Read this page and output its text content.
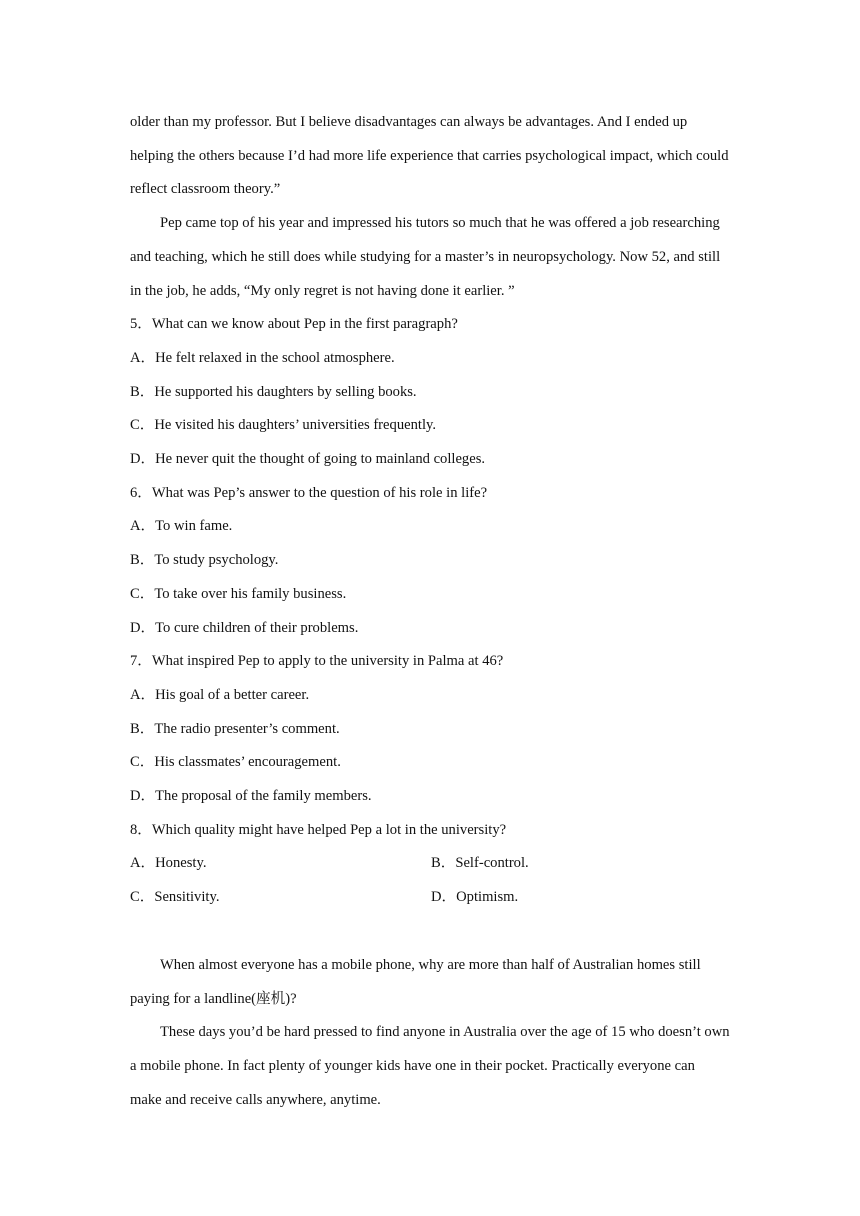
older than my professor. But I believe disadvantages can always be advantages. And I ended up helping the others because I’d had more life experience that carries psychological impact, which could reflect classroom theory.”

Pep came top of his year and impressed his tutors so much that he was offered a job researching and teaching, which he still does while studying for a master’s in neuropsychology. Now 52, and still in the job, he adds, “My only regret is not having done it earlier. ”

5．What can we know about Pep in the first paragraph?

A．He felt relaxed in the school atmosphere.

B．He supported his daughters by selling books.

C．He visited his daughters’ universities frequently.

D．He never quit the thought of going to mainland colleges.

6．What was Pep’s answer to the question of his role in life?

A．To win fame.

B．To study psychology.

C．To take over his family business.

D．To cure children of their problems.

7．What inspired Pep to apply to the university in Palma at 46?

A．His goal of a better career.

B．The radio presenter’s comment.

C．His classmates’ encouragement.

D．The proposal of the family members.

8．Which quality might have helped Pep a lot in the university?

A．Honesty.	B．Self-control.
C．Sensitivity.	D．Optimism.

When almost everyone has a mobile phone, why are more than half of Australian homes still paying for a landline(座机)?

These days you’d be hard pressed to find anyone in Australia over the age of 15 who doesn’t own a mobile phone. In fact plenty of younger kids have one in their pocket. Practically everyone can make and receive calls anywhere, anytime.
